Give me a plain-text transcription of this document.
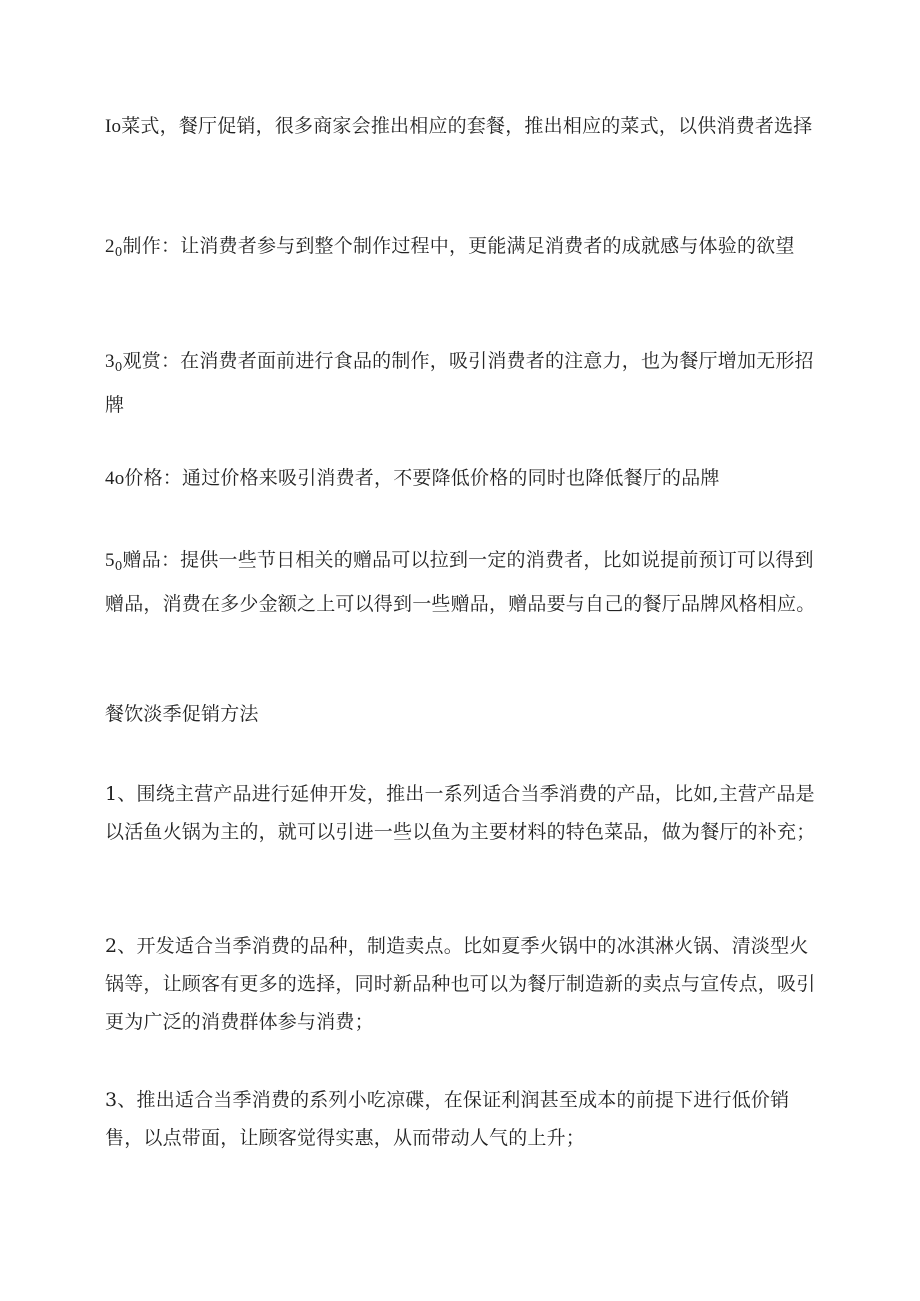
Io菜式，餐厅促销，很多商家会推出相应的套餐，推出相应的菜式，以供消费者选择

$2_0$制作：让消费者参与到整个制作过程中，更能满足消费者的成就感与体验的欲望

$3_0$观赏：在消费者面前进行食品的制作，吸引消费者的注意力，也为餐厅增加无形招牌

4o价格：通过价格来吸引消费者，不要降低价格的同时也降低餐厅的品牌

$5_0$赠品：提供一些节日相关的赠品可以拉到一定的消费者，比如说提前预订可以得到赠品，消费在多少金额之上可以得到一些赠品，赠品要与自己的餐厅品牌风格相应。

餐饮淡季促销方法

1、围绕主营产品进行延伸开发，推出一系列适合当季消费的产品，比如,主营产品是以活鱼火锅为主的，就可以引进一些以鱼为主要材料的特色菜品，做为餐厅的补充；

2、开发适合当季消费的品种，制造卖点。比如夏季火锅中的冰淇淋火锅、清淡型火锅等，让顾客有更多的选择，同时新品种也可以为餐厅制造新的卖点与宣传点，吸引更为广泛的消费群体参与消费；

3、推出适合当季消费的系列小吃凉碟，在保证利润甚至成本的前提下进行低价销售，以点带面，让顾客觉得实惠，从而带动人气的上升；
